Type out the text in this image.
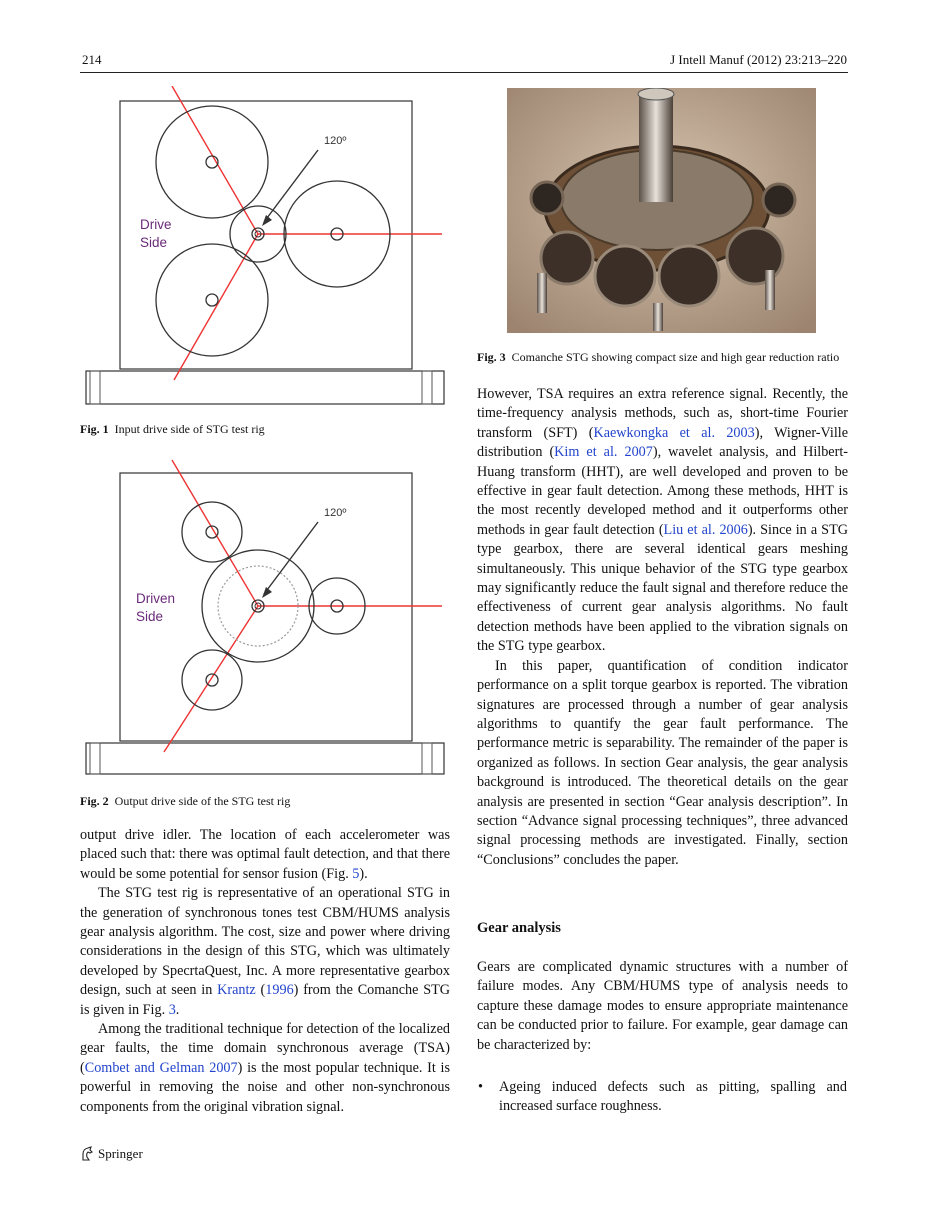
214	J Intell Manuf (2012) 23:213–220
120º
Drive
Side
Fig. 1 Input drive side of STG test rig
120º
Driven
Side
Fig. 2 Output drive side of the STG test rig
Fig. 3 Comanche STG showing compact size and high gear reduction ratio

output drive idler. The location of each accelerometer was placed such that: there was optimal fault detection, and that there would be some potential for sensor fusion (Fig. 5).

The STG test rig is representative of an operational STG in the generation of synchronous tones test CBM/HUMS analysis gear analysis algorithm. The cost, size and power where driving considerations in the design of this STG, which was ultimately developed by SpecrtaQuest, Inc. A more representative gearbox design, such at seen in Krantz (1996) from the Comanche STG is given in Fig. 3.

Among the traditional technique for detection of the localized gear faults, the time domain synchronous average (TSA) (Combet and Gelman 2007) is the most popular technique. It is powerful in removing the noise and other non-synchronous components from the original vibration signal.

However, TSA requires an extra reference signal. Recently, the time-frequency analysis methods, such as, short-time Fourier transform (SFT) (Kaewkongka et al. 2003), Wigner-Ville distribution (Kim et al. 2007), wavelet analysis, and Hilbert-Huang transform (HHT), are well developed and proven to be effective in gear fault detection. Among these methods, HHT is the most recently developed method and it outperforms other methods in gear fault detection (Liu et al. 2006). Since in a STG type gearbox, there are several identical gears meshing simultaneously. This unique behavior of the STG type gearbox may significantly reduce the fault signal and therefore reduce the effectiveness of current gear analysis algorithms. No fault detection methods have been applied to the vibration signals on the STG type gearbox.

In this paper, quantification of condition indicator performance on a split torque gearbox is reported. The vibration signatures are processed through a number of gear analysis algorithms to quantify the gear fault performance. The performance metric is separability. The remainder of the paper is organized as follows. In section Gear analysis, the gear analysis background is introduced. The theoretical details on the gear analysis are presented in section “Gear analysis description”. In section “Advance signal processing techniques”, three advanced signal processing methods are investigated. Finally, section “Conclusions” concludes the paper.

Gear analysis

Gears are complicated dynamic structures with a number of failure modes. Any CBM/HUMS type of analysis needs to capture these damage modes to ensure appropriate maintenance can be conducted prior to failure. For example, gear damage can be characterized by:

• Ageing induced defects such as pitting, spalling and increased surface roughness.
Springer
